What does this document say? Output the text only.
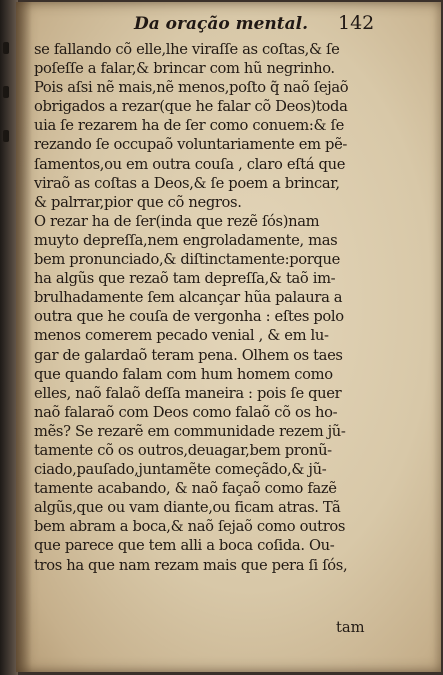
Da oração mental. 142
se fallando cõ elle,lhe viraſſe as coſtas,& ſe
poſeſſe a falar,& brincar com hũ negrinho.
Pois aſsi nẽ mais,nẽ menos,poſto q̃ naõ ſejaõ
obrigados a rezar(que he falar cõ Deos)toda
uia ſe rezarem ha de ſer como conuem:& ſe
rezando ſe occupaõ voluntariamente em pẽ-
ſamentos,ou em outra couſa , claro eſtá que
viraõ as coſtas a Deos,& ſe poem a brincar,
& palrrar,pior que cõ negros.
O rezar ha de ſer(inda que rezẽ ſós)nam
muyto depreſſa,nem engroladamente, mas
bem pronunciado,& diſtinctamente:porque
ha algũs que rezaõ tam depreſſa,& taõ im-
brulhadamente ſem alcançar hũa palaura a
outra que he couſa de vergonha : eſtes polo
menos comerem pecado venial , & em lu-
gar de galardaõ teram pena. Olhem os taes
que quando falam com hum homem como
elles, naõ falaõ deſſa maneira : pois ſe quer
naõ falaraõ com Deos como falaõ cõ os ho-
mẽs? Se rezarẽ em communidade rezem jũ-
tamente cõ os outros,deuagar,bem pronũ-
ciado,pauſado,juntamẽte começãdo,& jũ-
tamente acabando, & naõ façaõ como fazẽ
algũs,que ou vam diante,ou ficam atras. Tã
bem abram a boca,& naõ ſejaõ como outros
que parece que tem alli a boca coſida. Ou-
tros ha que nam rezam mais que pera ſi ſós,
tam
